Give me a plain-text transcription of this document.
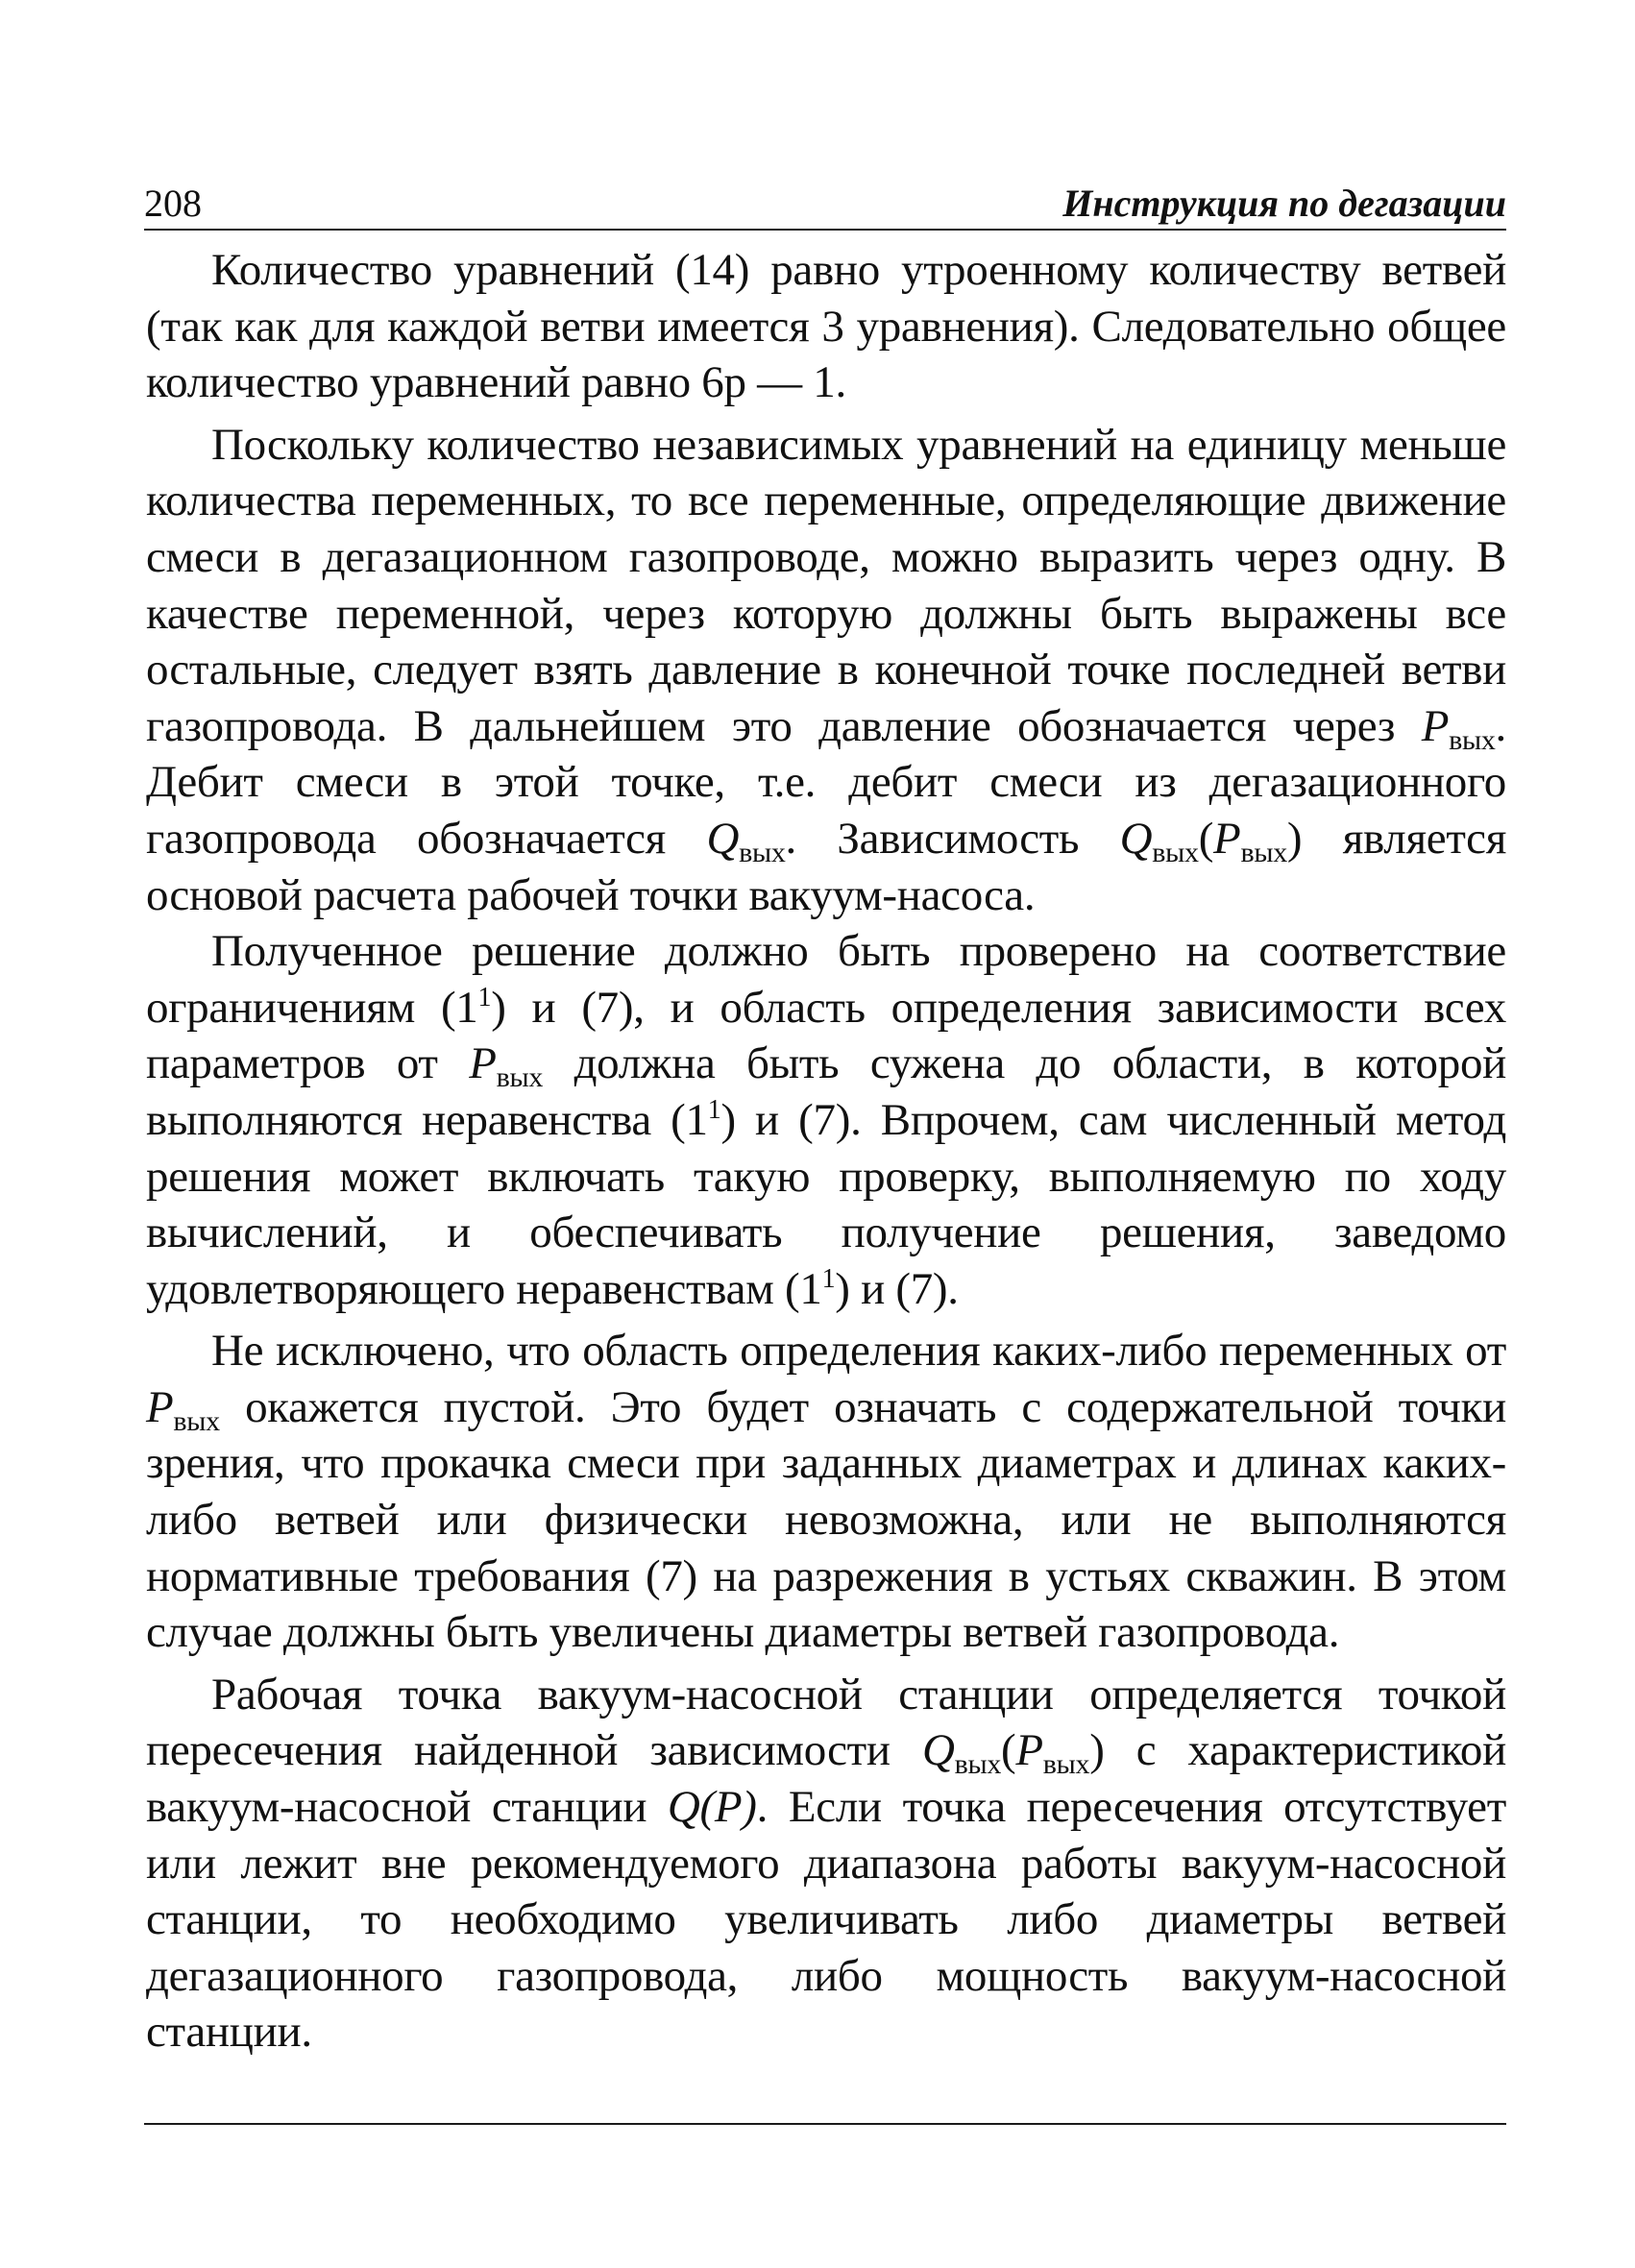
208	Инструкция по дегазации

Количество уравнений (14) равно утроенному количеству ветвей (так как для каждой ветви имеется 3 уравнения). Следовательно общее количество уравнений равно 6p — 1.

Поскольку количество независимых уравнений на единицу меньше количества переменных, то все переменные, определяющие движение смеси в дегазационном газопроводе, можно выразить через одну. В качестве переменной, через которую должны быть выражены все остальные, следует взять давление в конечной точке последней ветви газопровода. В дальнейшем это давление обозначается через $P_{вых}$. Дебит смеси в этой точке, т.е. дебит смеси из дегазационного газопровода обозначается $Q_{вых}$. Зависимость $Q_{вых}(P_{вых})$ является основой расчета рабочей точки вакуум-насоса.

Полученное решение должно быть проверено на соответствие ограничениям $(1^1)$ и (7), и область определения зависимости всех параметров от $P_{вых}$ должна быть сужена до области, в которой выполняются неравенства $(1^1)$ и (7). Впрочем, сам численный метод решения может включать такую проверку, выполняемую по ходу вычислений, и обеспечивать получение решения, заведомо удовлетворяющего неравенствам $(1^1)$ и (7).

Не исключено, что область определения каких-либо переменных от $P_{вых}$ окажется пустой. Это будет означать с содержательной точки зрения, что прокачка смеси при заданных диаметрах и длинах каких-либо ветвей или физически невозможна, или не выполняются нормативные требования (7) на разрежения в устьях скважин. В этом случае должны быть увеличены диаметры ветвей газопровода.

Рабочая точка вакуум-насосной станции определяется точкой пересечения найденной зависимости $Q_{вых}(P_{вых})$ с характеристикой вакуум-насосной станции Q(P). Если точка пересечения отсутствует или лежит вне рекомендуемого диапазона работы вакуум-насосной станции, то необходимо увеличивать либо диаметры ветвей дегазационного газопровода, либо мощность вакуум-насосной станции.
